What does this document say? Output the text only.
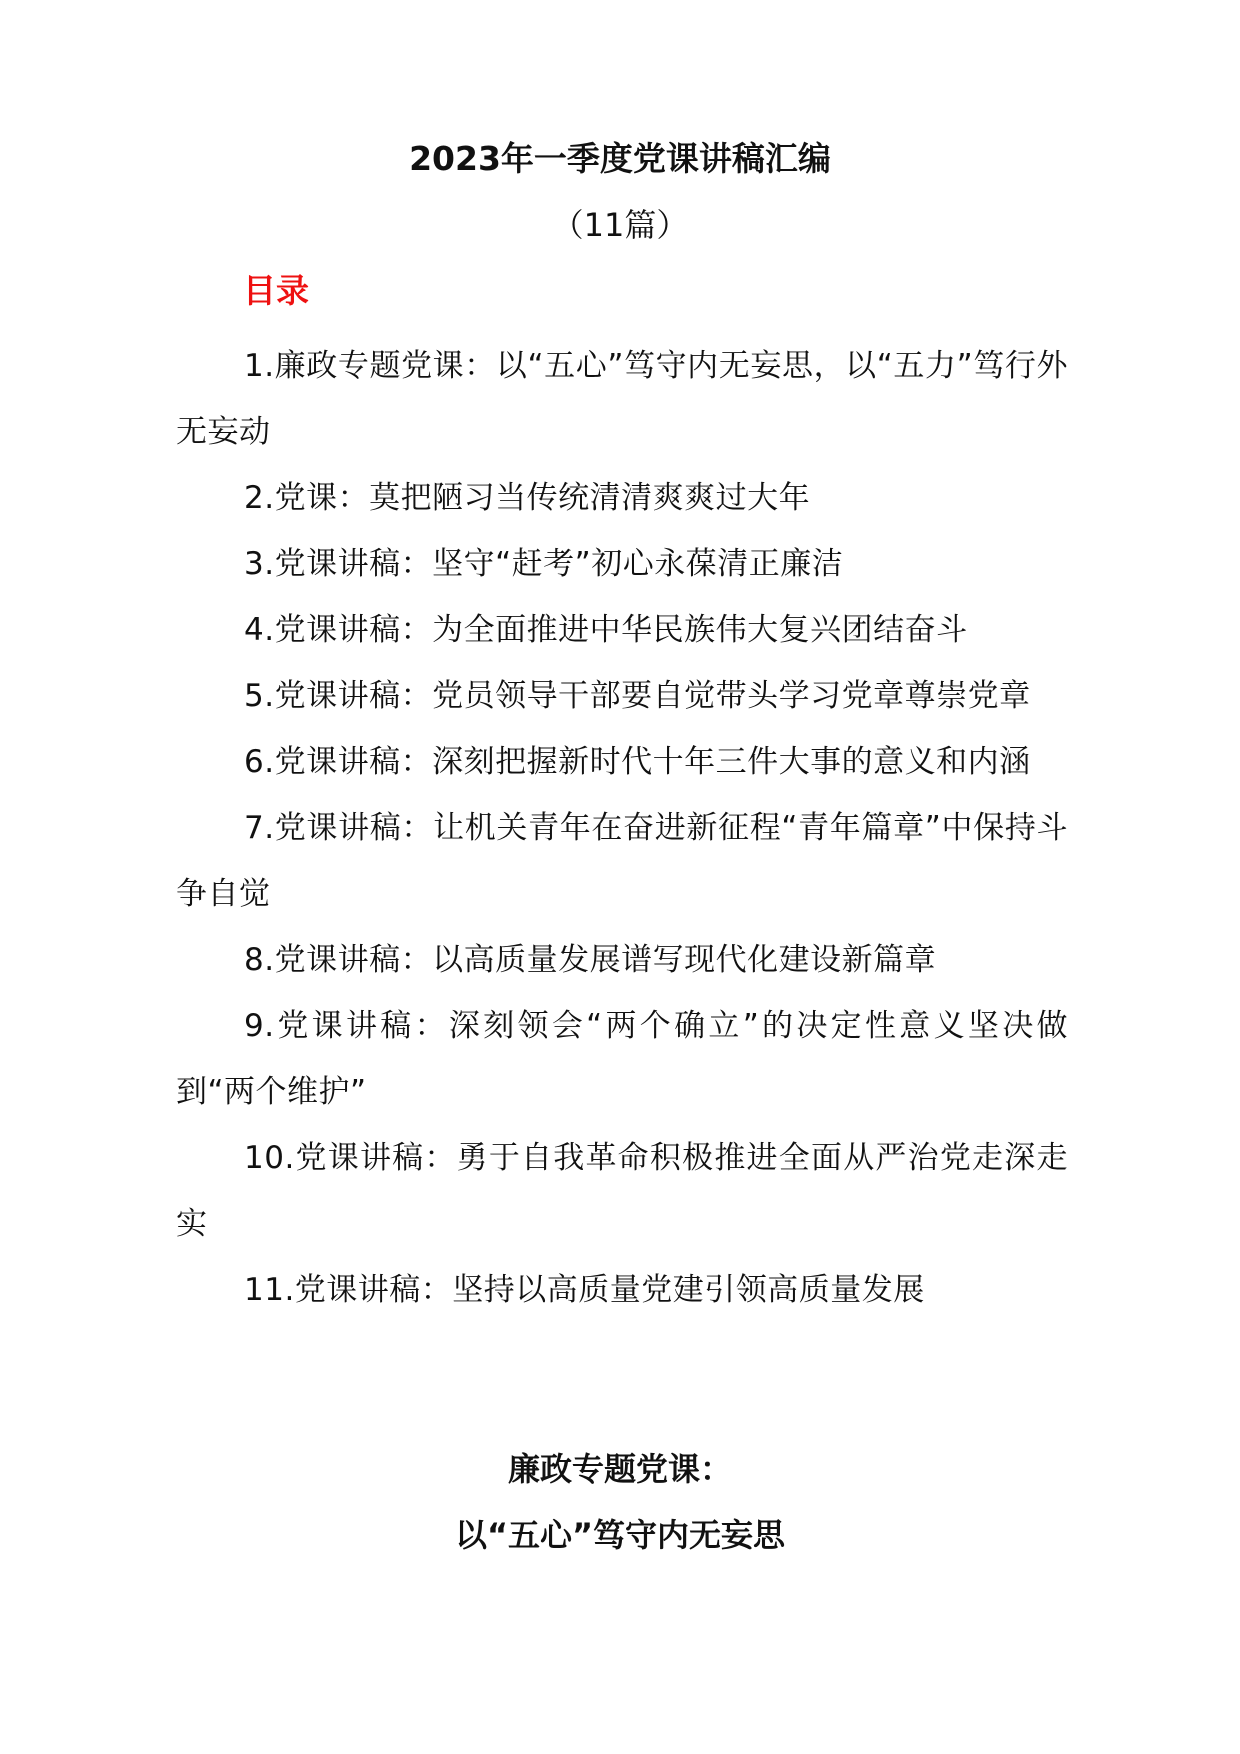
2023年一季度党课讲稿汇编
（11篇）
目录
1.廉政专题党课：以“五心”笃守内无妄思，以“五力”笃行外无妄动
2.党课：莫把陋习当传统清清爽爽过大年
3.党课讲稿：坚守“赶考”初心永葆清正廉洁
4.党课讲稿：为全面推进中华民族伟大复兴团结奋斗
5.党课讲稿：党员领导干部要自觉带头学习党章尊崇党章
6.党课讲稿：深刻把握新时代十年三件大事的意义和内涵
7.党课讲稿：让机关青年在奋进新征程“青年篇章”中保持斗争自觉
8.党课讲稿：以高质量发展谱写现代化建设新篇章
9.党课讲稿：深刻领会“两个确立”的决定性意义坚决做到“两个维护”
10.党课讲稿：勇于自我革命积极推进全面从严治党走深走实
11.党课讲稿：坚持以高质量党建引领高质量发展
廉政专题党课：
以“五心”笃守内无妄思
